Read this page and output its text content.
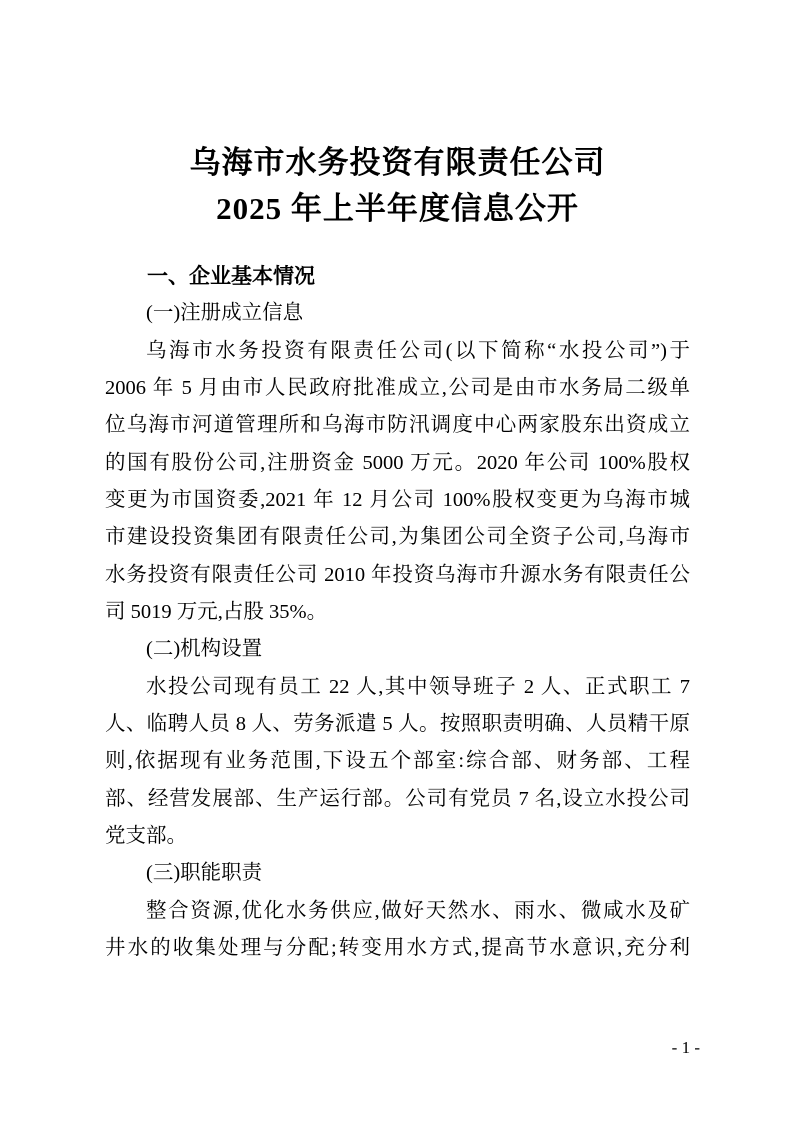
乌海市水务投资有限责任公司
2025 年上半年度信息公开
一、企业基本情况
(一)注册成立信息
乌海市水务投资有限责任公司(以下简称“水投公司”)于
2006 年 5 月由市人民政府批准成立,公司是由市水务局二级单
位乌海市河道管理所和乌海市防汛调度中心两家股东出资成立
的国有股份公司,注册资金 5000 万元。2020 年公司 100%股权
变更为市国资委,2021 年 12 月公司 100%股权变更为乌海市城
市建设投资集团有限责任公司,为集团公司全资子公司,乌海市
水务投资有限责任公司 2010 年投资乌海市升源水务有限责任公
司 5019 万元,占股 35%。
(二)机构设置
水投公司现有员工 22 人,其中领导班子 2 人、正式职工 7
人、临聘人员 8 人、劳务派遣 5 人。按照职责明确、人员精干原
则,依据现有业务范围,下设五个部室:综合部、财务部、工程
部、经营发展部、生产运行部。公司有党员 7 名,设立水投公司
党支部。
(三)职能职责
整合资源,优化水务供应,做好天然水、雨水、微咸水及矿
井水的收集处理与分配;转变用水方式,提高节水意识,充分利
- 1 -
